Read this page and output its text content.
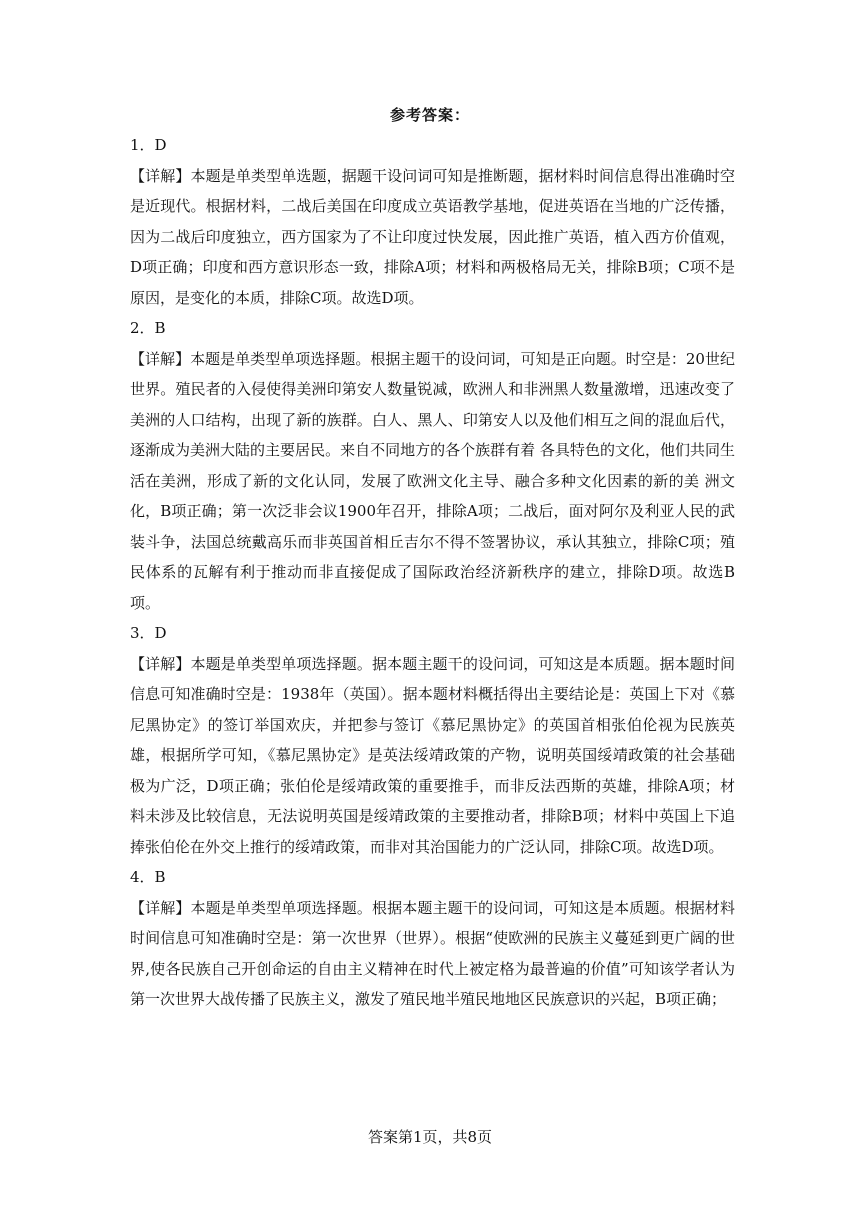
参考答案：
1．D
【详解】本题是单类型单选题，据题干设问词可知是推断题，据材料时间信息得出准确时空是近现代。根据材料，二战后美国在印度成立英语教学基地，促进英语在当地的广泛传播，因为二战后印度独立，西方国家为了不让印度过快发展，因此推广英语，植入西方价值观，D项正确；印度和西方意识形态一致，排除A项；材料和两极格局无关，排除B项；C项不是原因，是变化的本质，排除C项。故选D项。
2．B
【详解】本题是单类型单项选择题。根据主题干的设问词，可知是正向题。时空是：20世纪世界。殖民者的入侵使得美洲印第安人数量锐减，欧洲人和非洲黑人数量激增，迅速改变了美洲的人口结构，出现了新的族群。白人、黑人、印第安人以及他们相互之间的混血后代，逐渐成为美洲大陆的主要居民。来自不同地方的各个族群有着 各具特色的文化，他们共同生活在美洲，形成了新的文化认同，发展了欧洲文化主导、融合多种文化因素的新的美 洲文化，B项正确；第一次泛非会议1900年召开，排除A项；二战后，面对阿尔及利亚人民的武装斗争，法国总统戴高乐而非英国首相丘吉尔不得不签署协议，承认其独立，排除C项；殖民体系的瓦解有利于推动而非直接促成了国际政治经济新秩序的建立，排除D项。故选B项。
3．D
【详解】本题是单类型单项选择题。据本题主题干的设问词，可知这是本质题。据本题时间信息可知准确时空是：1938年（英国）。据本题材料概括得出主要结论是：英国上下对《慕尼黑协定》的签订举国欢庆，并把参与签订《慕尼黑协定》的英国首相张伯伦视为民族英雄，根据所学可知，《慕尼黑协定》是英法绥靖政策的产物，说明英国绥靖政策的社会基础极为广泛，D项正确；张伯伦是绥靖政策的重要推手，而非反法西斯的英雄，排除A项；材料未涉及比较信息，无法说明英国是绥靖政策的主要推动者，排除B项；材料中英国上下追捧张伯伦在外交上推行的绥靖政策，而非对其治国能力的广泛认同，排除C项。故选D项。
4．B
【详解】本题是单类型单项选择题。根据本题主题干的设问词，可知这是本质题。根据材料时间信息可知准确时空是：第一次世界（世界）。根据“使欧洲的民族主义蔓延到更广阔的世界,使各民族自己开创命运的自由主义精神在时代上被定格为最普遍的价值”可知该学者认为第一次世界大战传播了民族主义，激发了殖民地半殖民地地区民族意识的兴起，B项正确；
答案第1页，共8页
